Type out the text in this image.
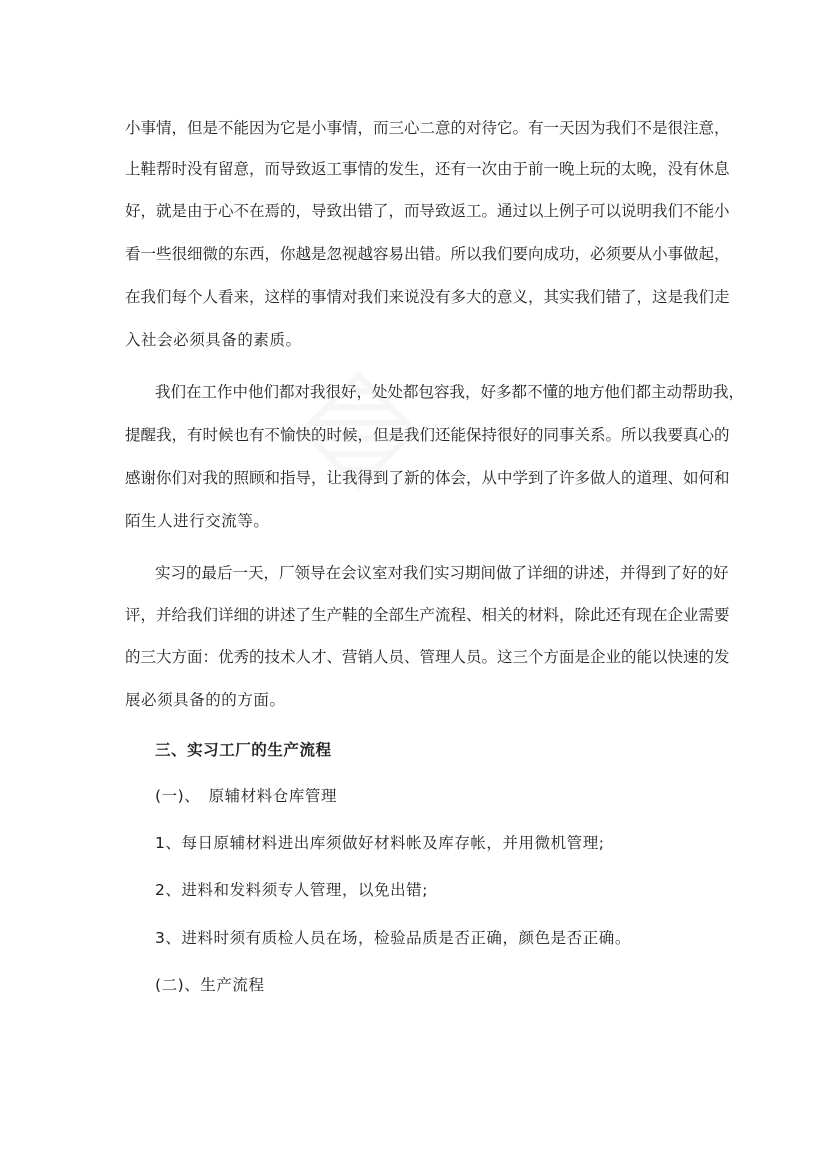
小事情，但是不能因为它是小事情，而三心二意的对待它。有一天因为我们不是很注意，
上鞋帮时没有留意，而导致返工事情的发生，还有一次由于前一晚上玩的太晚，没有休息
好，就是由于心不在焉的，导致出错了，而导致返工。通过以上例子可以说明我们不能小
看一些很细微的东西，你越是忽视越容易出错。所以我们要向成功，必须要从小事做起，
在我们每个人看来，这样的事情对我们来说没有多大的意义，其实我们错了，这是我们走
入社会必须具备的素质。
我们在工作中他们都对我很好，处处都包容我，好多都不懂的地方他们都主动帮助我，
提醒我，有时候也有不愉快的时候，但是我们还能保持很好的同事关系。所以我要真心的
感谢你们对我的照顾和指导，让我得到了新的体会，从中学到了许多做人的道理、如何和
陌生人进行交流等。
实习的最后一天，厂领导在会议室对我们实习期间做了详细的讲述，并得到了好的好
评，并给我们详细的讲述了生产鞋的全部生产流程、相关的材料，除此还有现在企业需要
的三大方面：优秀的技术人才、营销人员、管理人员。这三个方面是企业的能以快速的发
展必须具备的的方面。
三、实习工厂的生产流程
(一)、　原辅材料仓库管理
1、每日原辅材料进出库须做好材料帐及库存帐，并用微机管理;
2、进料和发料须专人管理，以免出错;
3、进料时须有质检人员在场，检验品质是否正确，颜色是否正确。
(二)、生产流程
